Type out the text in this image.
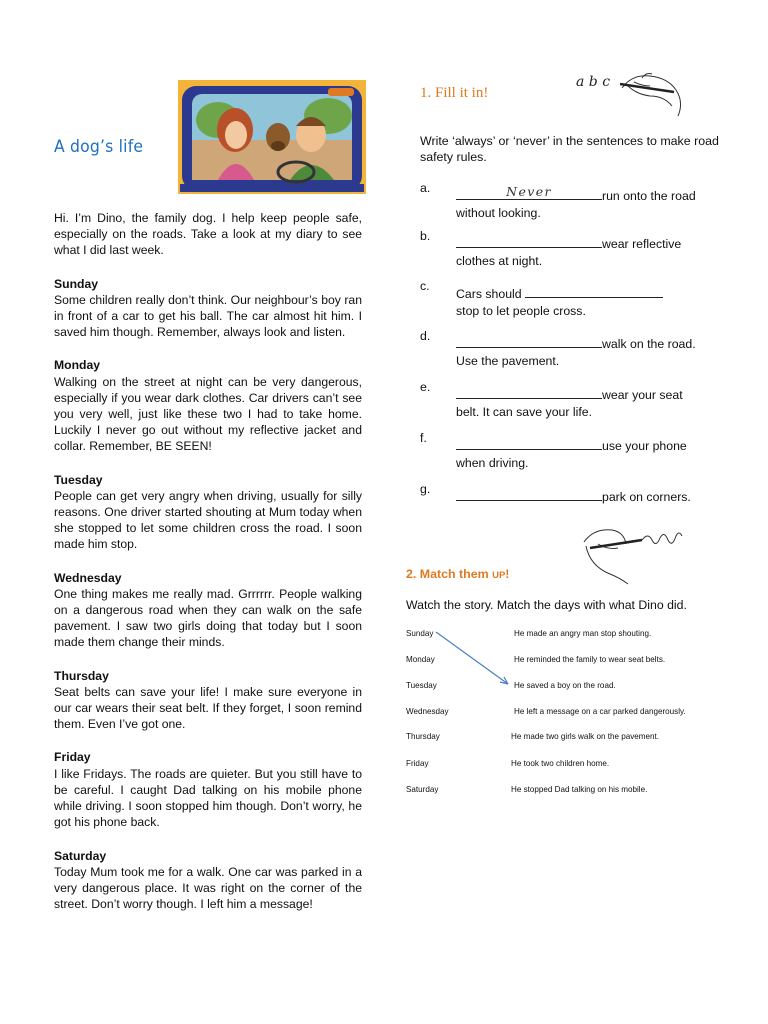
A dog’s life

Hi. I’m Dino, the family dog. I help keep people safe, especially on the roads. Take a look at my diary to see what I did last week.

Sunday

Some children really don’t think. Our neighbour’s boy ran in front of a car to get his ball. The car almost hit him. I saved him though. Remember, always look and listen.

Monday

Walking on the street at night can be very dangerous, especially if you wear dark clothes. Car drivers can’t see you very well, just like these two I had to take home. Luckily I never go out without my reflective jacket and collar. Remember, BE SEEN!

Tuesday

People can get very angry when driving, usually for silly reasons. One driver started shouting at Mum today when she stopped to let some children cross the road. I soon made him stop.

Wednesday

One thing makes me really mad. Grrrrrr. People walking on a dangerous road when they can walk on the safe pavement. I saw two girls doing that today but I soon made them change their minds.

Thursday

Seat belts can save your life! I make sure everyone in our car wears their seat belt. If they forget, I soon remind them. Even I’ve got one.

Friday

I like Fridays. The roads are quieter. But you still have to be careful. I caught Dad talking on his mobile phone while driving. I soon stopped him though. Don’t worry, he got his phone back.

Saturday

Today Mum took me for a walk. One car was parked in a very dangerous place. It was right on the corner of the street. Don’t worry though. I left him a message!

1. Fill it in!
a b c
Write ‘always’ or ‘never’ in the sentences to make road safety rules.
a.	Never	run onto the road
without looking.
b.
wear reflective
clothes at night.
c.
Cars should
stop to let people cross.
d.
walk on the road.
Use the pavement.
e.
wear your seat
belt. It can save your life.
f.
use your phone
when driving.
g.
park on corners.
2. Match them UP!
Watch the story. Match the days with what Dino did.
Sunday
Monday
Tuesday
Wednesday
Thursday
Friday
Saturday
He made an angry man stop shouting.
He reminded the family to wear seat belts.
He saved a boy on the road.
He left a message on a car parked dangerously.
He made two girls walk on the pavement.
He took two children home.
He stopped Dad talking on his mobile.
